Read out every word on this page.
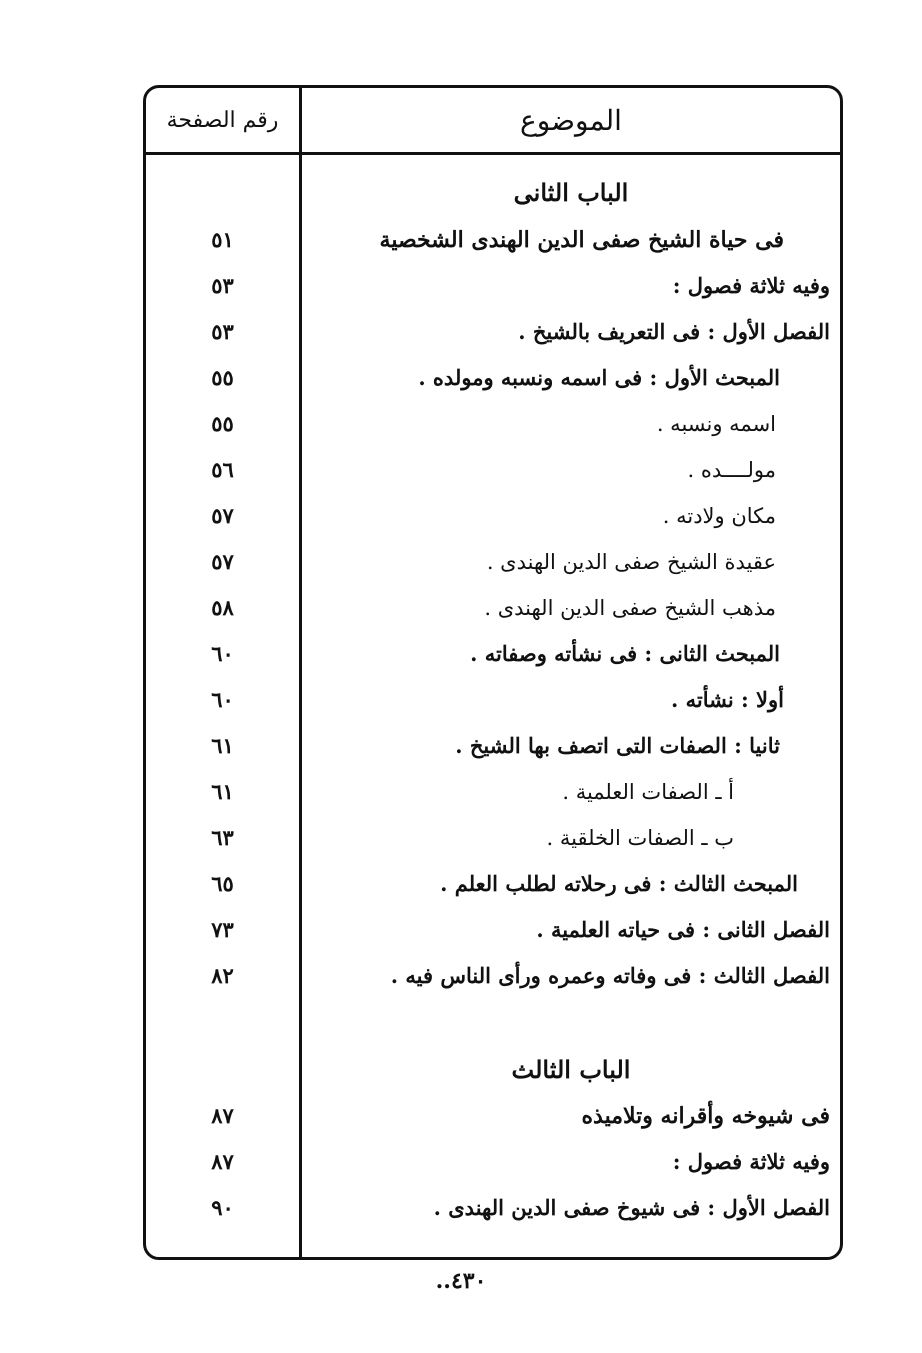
الموضوع
رقم الصفحة
الباب الثانى
فى حياة الشيخ صفى الدين الهندى الشخصية
٥١
وفيه ثلاثة فصول :
٥٣
الفصل الأول : فى التعريف بالشيخ .
٥٣
المبحث الأول : فى اسمه ونسبه ومولده .
٥٥
اسمه ونسبه .
٥٥
مولــــده .
٥٦
مكان ولادته .
٥٧
عقيدة الشيخ صفى الدين الهندى .
٥٧
مذهب الشيخ صفى الدين الهندى .
٥٨
المبحث الثانى : فى نشأته وصفاته .
٦٠
أولا : نشأته .
٦٠
ثانيا : الصفات التى اتصف بها الشيخ .
٦١
أ ـ الصفات العلمية .
٦١
ب ـ الصفات الخلقية .
٦٣
المبحث الثالث : فى رحلاته لطلب العلم .
٦٥
الفصل الثانى : فى حياته العلمية .
٧٣
الفصل الثالث : فى وفاته وعمره ورأى الناس فيه .
٨٢
الباب الثالث
فى شيوخه وأقرانه وتلاميذه
٨٧
وفيه ثلاثة فصول :
٨٧
الفصل الأول : فى شيوخ صفى الدين الهندى .
٩٠
٤٣٠..
